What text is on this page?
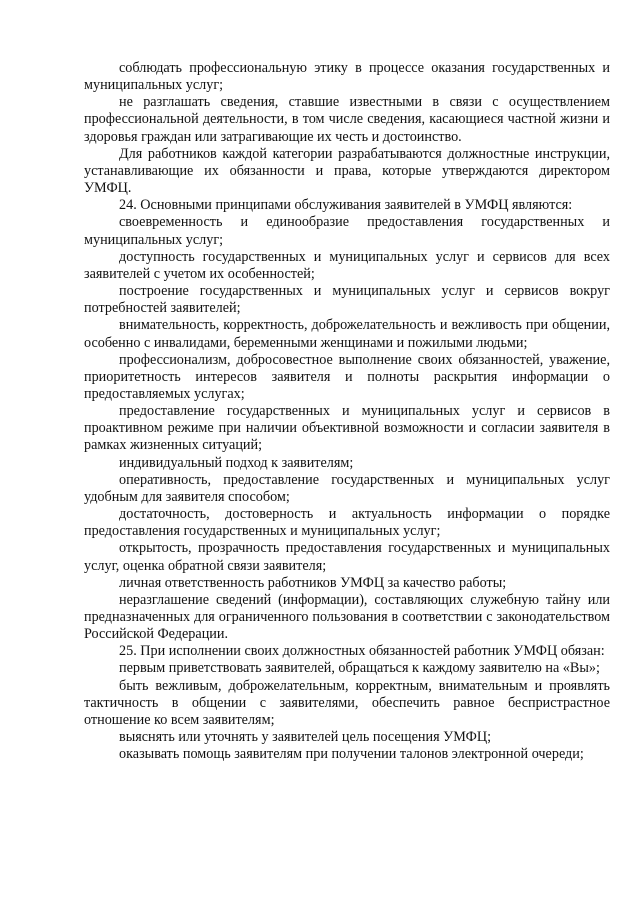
соблюдать профессиональную этику в процессе оказания государственных и муниципальных услуг;

не разглашать сведения, ставшие известными в связи с осуществлением профессиональной деятельности, в том числе сведения, касающиеся частной жизни и здоровья граждан или затрагивающие их честь и достоинство.

Для работников каждой категории разрабатываются должностные инструкции, устанавливающие их обязанности и права, которые утверждаются директором УМФЦ.

24. Основными принципами обслуживания заявителей в УМФЦ являются:

своевременность и единообразие предоставления государственных и муниципальных услуг;

доступность государственных и муниципальных услуг и сервисов для всех заявителей с учетом их особенностей;

построение государственных и муниципальных услуг и сервисов вокруг потребностей заявителей;

внимательность, корректность, доброжелательность и вежливость при общении, особенно с инвалидами, беременными женщинами и пожилыми людьми;

профессионализм, добросовестное выполнение своих обязанностей, уважение, приоритетность интересов заявителя и полноты раскрытия информации о предоставляемых услугах;

предоставление государственных и муниципальных услуг и сервисов в проактивном режиме при наличии объективной возможности и согласии заявителя в рамках жизненных ситуаций;

индивидуальный подход к заявителям;

оперативность, предоставление государственных и муниципальных услуг удобным для заявителя способом;

достаточность, достоверность и актуальность информации о порядке предоставления государственных и муниципальных услуг;

открытость, прозрачность предоставления государственных и муниципальных услуг, оценка обратной связи заявителя;

личная ответственность работников УМФЦ за качество работы;

неразглашение сведений (информации), составляющих служебную тайну или предназначенных для ограниченного пользования в соответствии с законодательством Российской Федерации.

25. При исполнении своих должностных обязанностей работник УМФЦ обязан:

первым приветствовать заявителей, обращаться к каждому заявителю на «Вы»;

быть вежливым, доброжелательным, корректным, внимательным и проявлять тактичность в общении с заявителями, обеспечить равное беспристрастное отношение ко всем заявителям;

выяснять или уточнять у заявителей цель посещения УМФЦ;

оказывать помощь заявителям при получении талонов электронной очереди;
